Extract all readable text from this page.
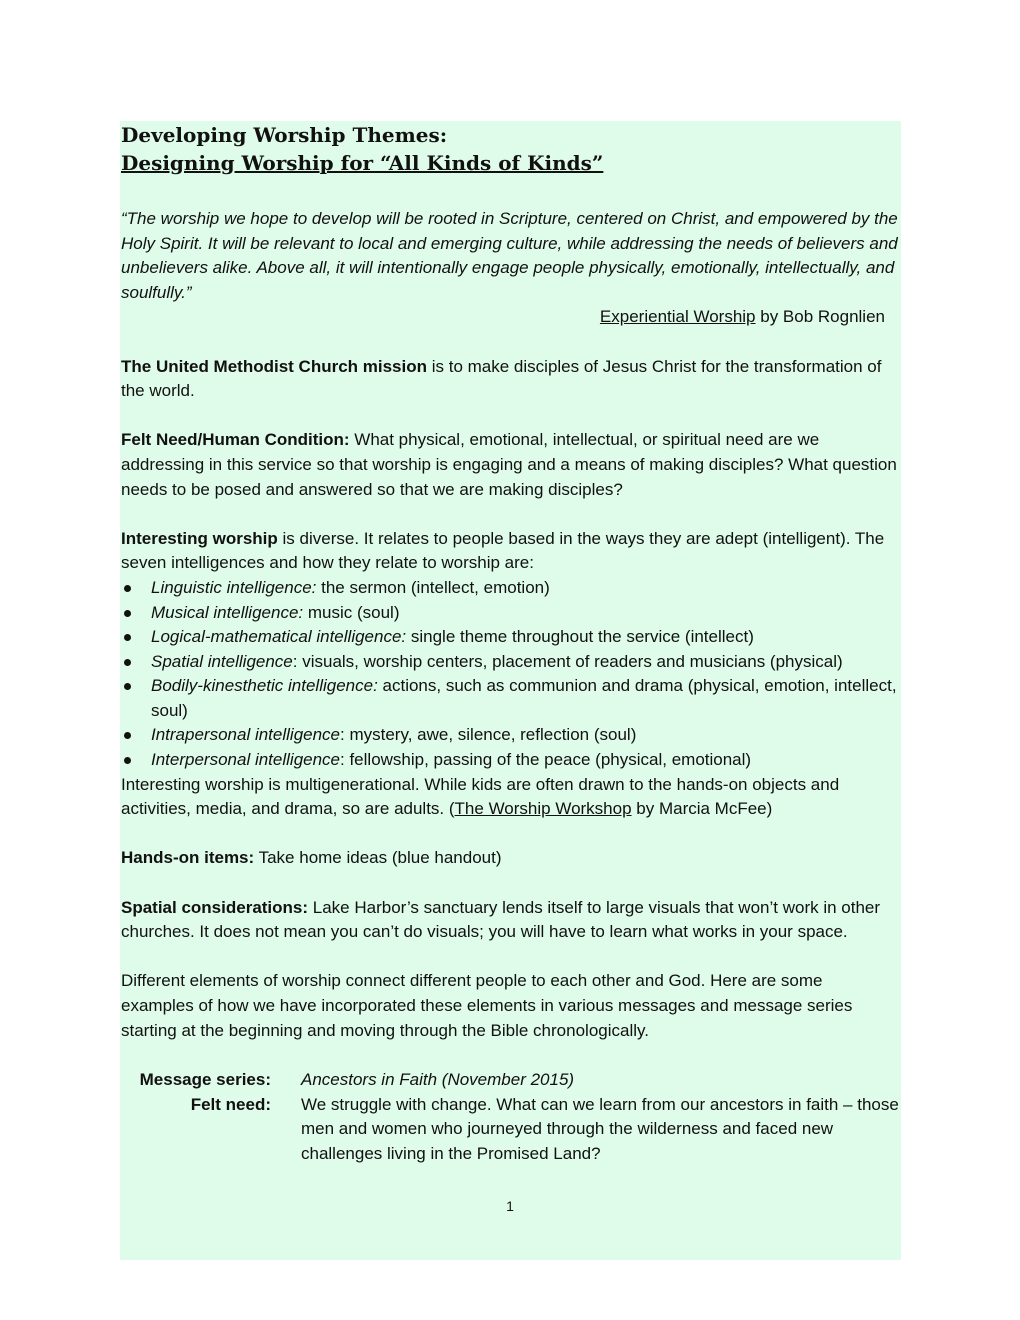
Developing Worship Themes:
Designing Worship for “All Kinds of Kinds”
“The worship we hope to develop will be rooted in Scripture, centered on Christ, and empowered by the Holy Spirit. It will be relevant to local and emerging culture, while addressing the needs of believers and unbelievers alike. Above all, it will intentionally engage people physically, emotionally, intellectually, and soulfully.”
Experiential Worship by Bob Rognlien
The United Methodist Church mission is to make disciples of Jesus Christ for the transformation of the world.
Felt Need/Human Condition: What physical, emotional, intellectual, or spiritual need are we addressing in this service so that worship is engaging and a means of making disciples? What question needs to be posed and answered so that we are making disciples?
Interesting worship is diverse. It relates to people based in the ways they are adept (intelligent). The seven intelligences and how they relate to worship are:
Linguistic intelligence: the sermon (intellect, emotion)
Musical intelligence: music (soul)
Logical-mathematical intelligence: single theme throughout the service (intellect)
Spatial intelligence: visuals, worship centers, placement of readers and musicians (physical)
Bodily-kinesthetic intelligence: actions, such as communion and drama (physical, emotion, intellect, soul)
Intrapersonal intelligence: mystery, awe, silence, reflection (soul)
Interpersonal intelligence: fellowship, passing of the peace (physical, emotional)
Interesting worship is multigenerational. While kids are often drawn to the hands-on objects and activities, media, and drama, so are adults. (The Worship Workshop by Marcia McFee)
Hands-on items: Take home ideas (blue handout)
Spatial considerations: Lake Harbor’s sanctuary lends itself to large visuals that won’t work in other churches. It does not mean you can’t do visuals; you will have to learn what works in your space.
Different elements of worship connect different people to each other and God. Here are some examples of how we have incorporated these elements in various messages and message series starting at the beginning and moving through the Bible chronologically.
Message series: Ancestors in Faith (November 2015)
Felt need: We struggle with change. What can we learn from our ancestors in faith – those men and women who journeyed through the wilderness and faced new challenges living in the Promised Land?
1
